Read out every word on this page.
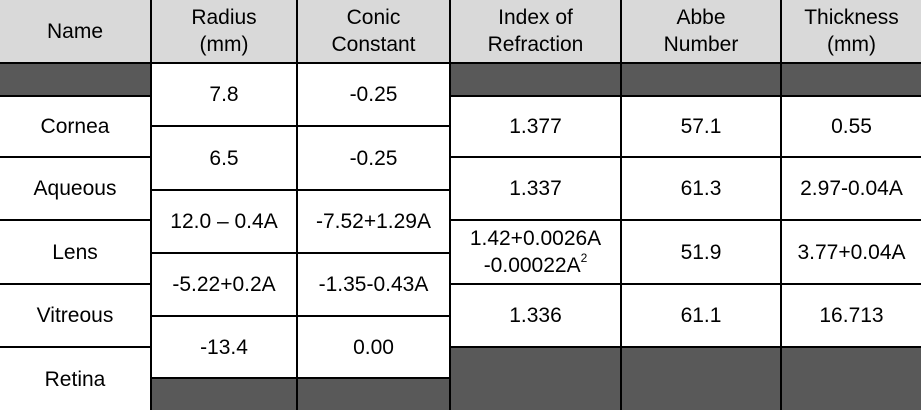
Name
Radius
(mm)
Conic
Constant
Index of
Refraction
Abbe
Number
Thickness
(mm)
Cornea
Aqueous
Lens
Vitreous
Retina
7.8
6.5
12.0 – 0.4A
-5.22+0.2A
-13.4
-0.25
-0.25
-7.52+1.29A
-1.35-0.43A
0.00
1.377
1.337
1.42+0.0026A
$-0.00022A^2$
1.336
57.1
61.3
51.9
61.1
0.55
2.97-0.04A
3.77+0.04A
16.713
